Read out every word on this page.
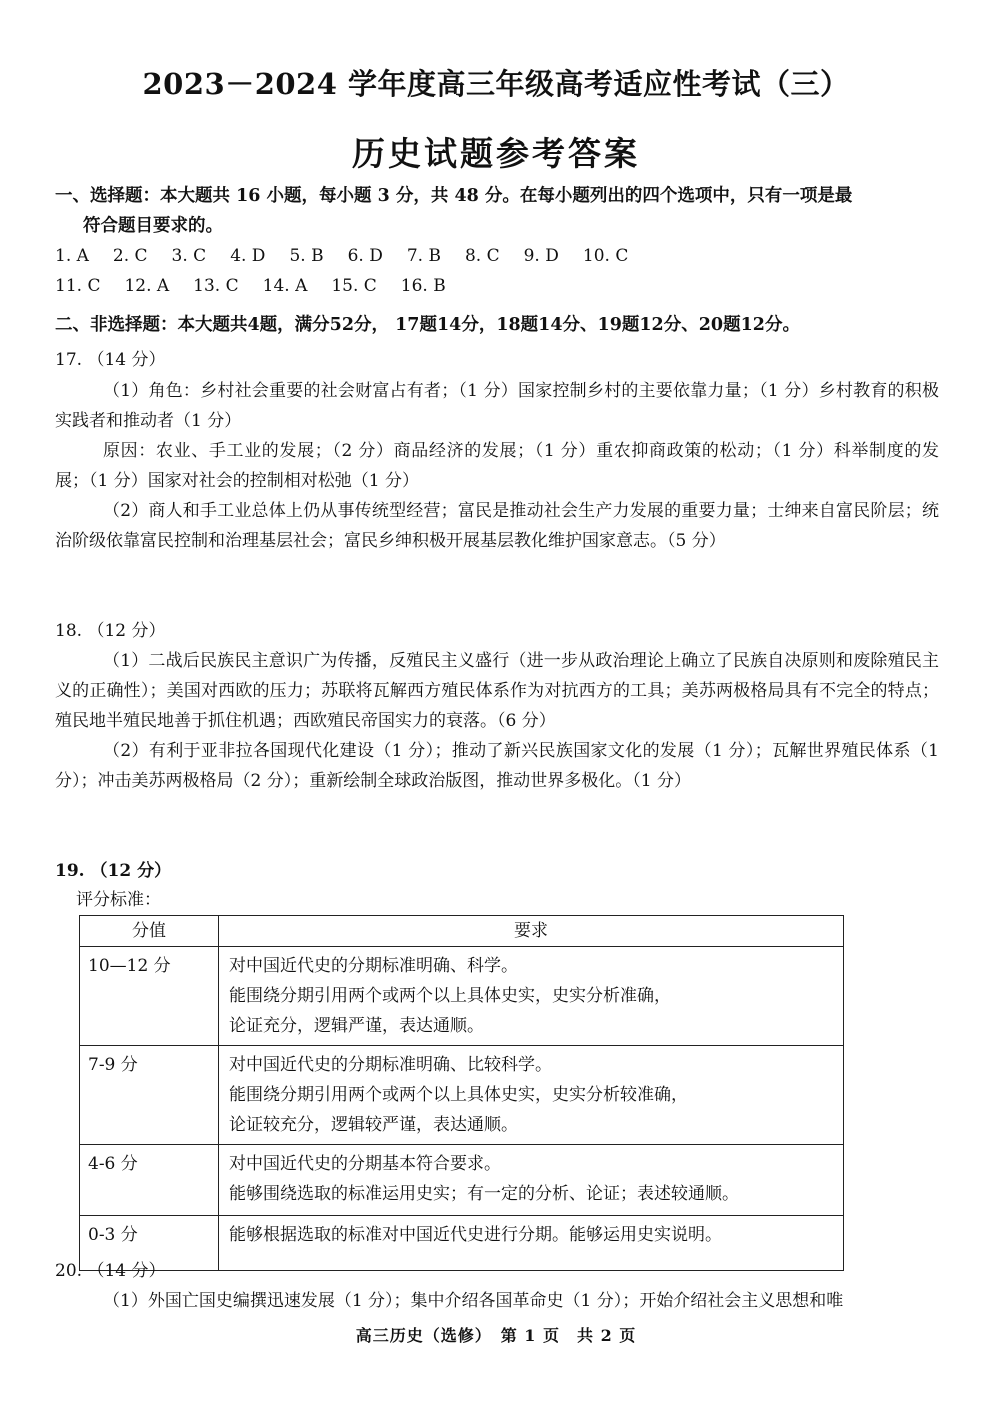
2023－2024 学年度高三年级高考适应性考试（三）
历史试题参考答案
一、选择题：本大题共 16 小题，每小题 3 分，共 48 分。在每小题列出的四个选项中，只有一项是最
符合题目要求的。
1. A 2. C 3. C 4. D 5. B 6. D 7. B 8. C 9. D 10. C
11. C 12. A 13. C 14. A 15. C 16. B
二、非选择题：本大题共4题，满分52分， 17题14分，18题14分、19题12分、20题12分。
17. （14 分）
（1）角色：乡村社会重要的社会财富占有者；（1 分）国家控制乡村的主要依靠力量；（1 分）乡村教育的积极实践者和推动者（1 分）
原因：农业、手工业的发展；（2 分）商品经济的发展；（1 分）重农抑商政策的松动；（1 分）科举制度的发展；（1 分）国家对社会的控制相对松弛（1 分）
（2）商人和手工业总体上仍从事传统型经营；富民是推动社会生产力发展的重要力量；士绅来自富民阶层；统治阶级依靠富民控制和治理基层社会；富民乡绅积极开展基层教化维护国家意志。（5 分）
18. （12 分）
（1）二战后民族民主意识广为传播，反殖民主义盛行（进一步从政治理论上确立了民族自决原则和废除殖民主义的正确性）；美国对西欧的压力；苏联将瓦解西方殖民体系作为对抗西方的工具；美苏两极格局具有不完全的特点；殖民地半殖民地善于抓住机遇；西欧殖民帝国实力的衰落。（6 分）
（2）有利于亚非拉各国现代化建设（1 分）；推动了新兴民族国家文化的发展（1 分）；瓦解世界殖民体系（1 分）；冲击美苏两极格局（2 分）；重新绘制全球政治版图，推动世界多极化。（1 分）
19. （12 分）
评分标准：
分值	要求
10—12 分	对中国近代史的分期标准明确、科学。
能围绕分期引用两个或两个以上具体史实，史实分析准确，
论证充分，逻辑严谨，表达通顺。

7-9 分	对中国近代史的分期标准明确、比较科学。
能围绕分期引用两个或两个以上具体史实，史实分析较准确，
论证较充分，逻辑较严谨，表达通顺。

4-6 分	对中国近代史的分期基本符合要求。
能够围绕选取的标准运用史实；有一定的分析、论证；表述较通顺。

0-3 分	能够根据选取的标准对中国近代史进行分期。能够运用史实说明。
20. （14 分）
（1）外国亡国史编撰迅速发展（1 分）；集中介绍各国革命史（1 分）；开始介绍社会主义思想和唯
高三历史（选修）　第 1 页　共 2 页
